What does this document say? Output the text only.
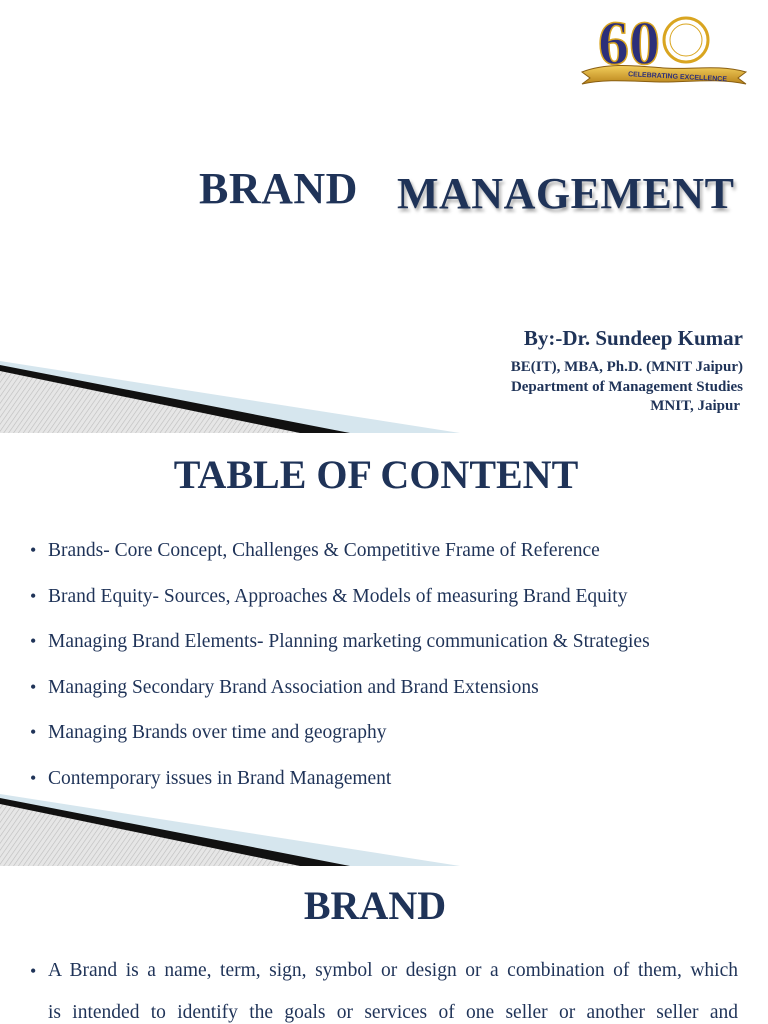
CELEBRATING EXCELLENCE
60
BRAND MANAGEMENT
By:-Dr. Sundeep Kumar
BE(IT), MBA, Ph.D. (MNIT Jaipur)
Department of Management Studies
MNIT, Jaipur
TABLE OF CONTENT
• Brands- Core Concept, Challenges & Competitive Frame of Reference
• Brand Equity- Sources, Approaches & Models of measuring Brand Equity
• Managing Brand Elements- Planning marketing communication & Strategies
• Managing Secondary Brand Association and Brand Extensions
• Managing Brands over time and geography
• Contemporary issues in Brand Management
BRAND
• A Brand is a name, term, sign, symbol or design or a combination of them, which
is intended to identify the goals or services of one seller or another seller and
